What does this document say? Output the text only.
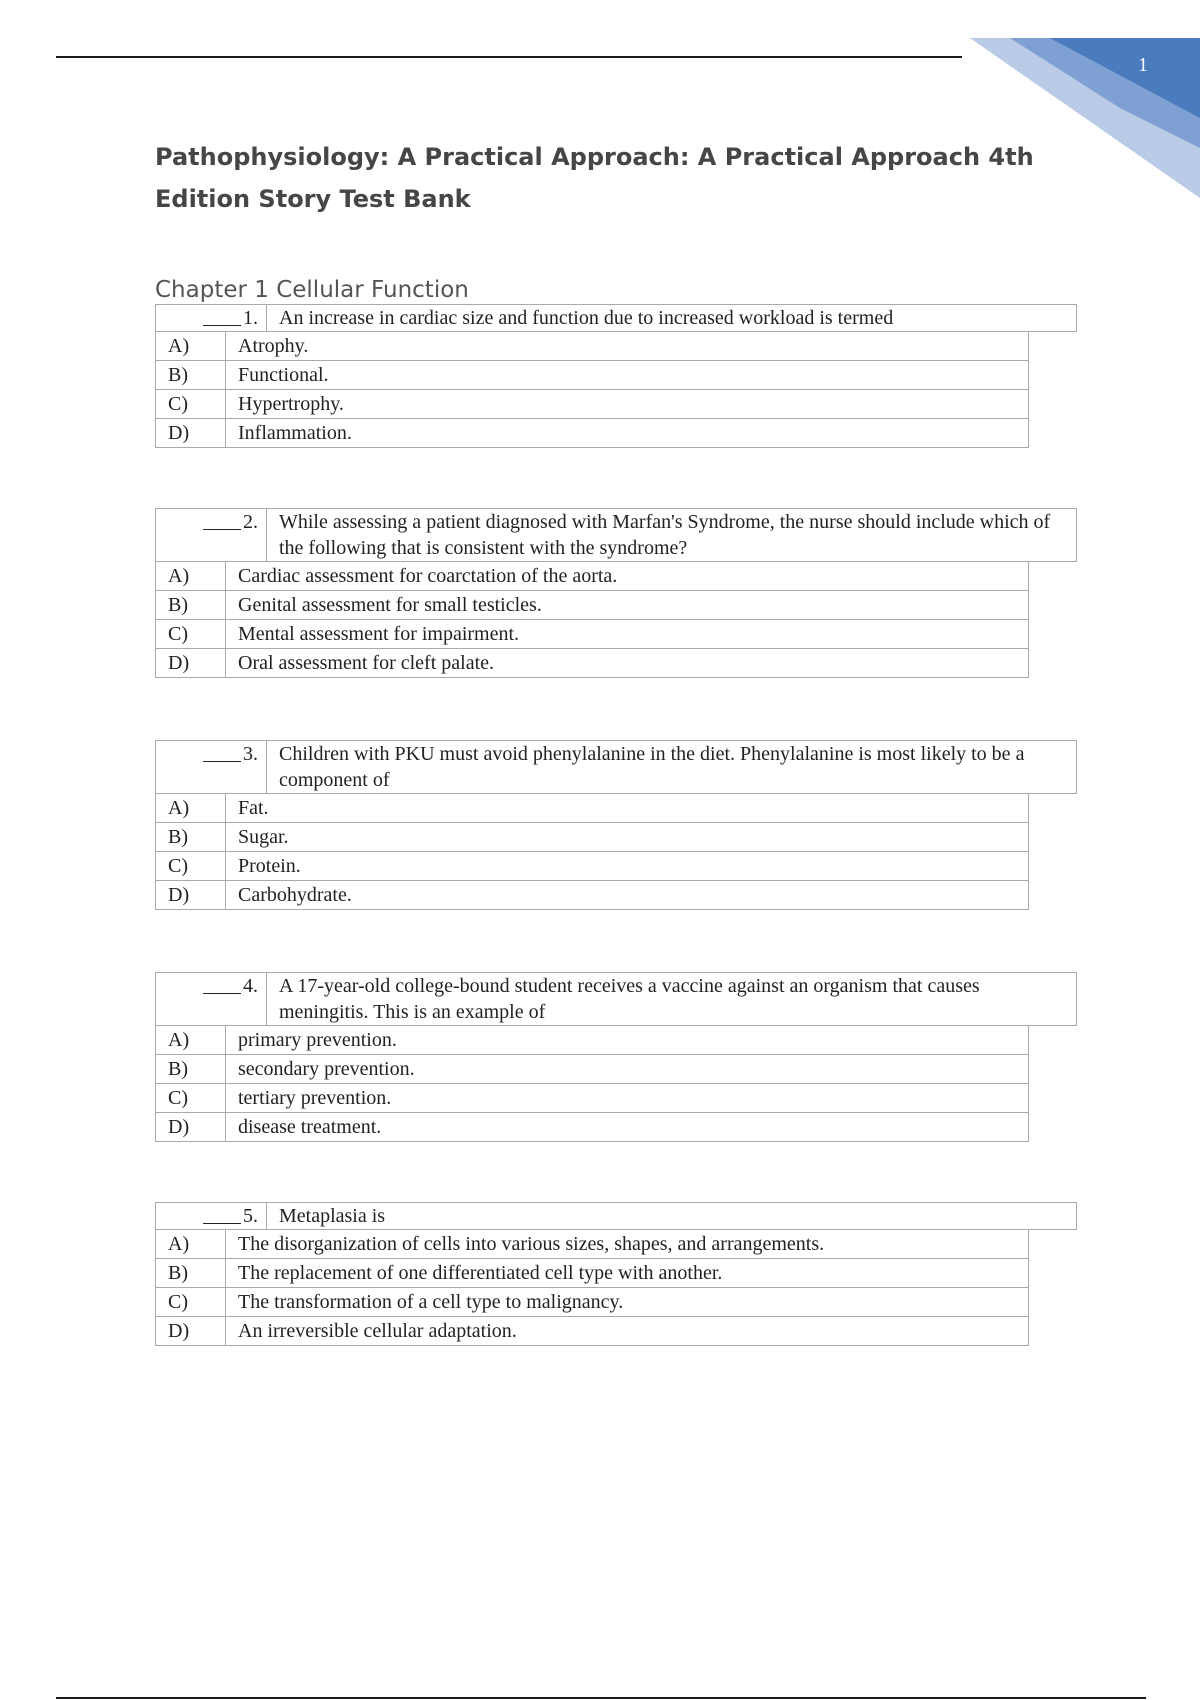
1
Pathophysiology: A Practical Approach: A Practical Approach 4th Edition Story Test Bank
Chapter 1 Cellular Function
1.	An increase in cardiac size and function due to increased workload is termed
A)	Atrophy.
B)	Functional.
C)	Hypertrophy.
D)	Inflammation.
2.	While assessing a patient diagnosed with Marfan's Syndrome, the nurse should include which of the following that is consistent with the syndrome?
A)	Cardiac assessment for coarctation of the aorta.
B)	Genital assessment for small testicles.
C)	Mental assessment for impairment.
D)	Oral assessment for cleft palate.
3.	Children with PKU must avoid phenylalanine in the diet. Phenylalanine is most likely to be a component of
A)	Fat.
B)	Sugar.
C)	Protein.
D)	Carbohydrate.
4.	A 17-year-old college-bound student receives a vaccine against an organism that causes meningitis. This is an example of
A)	primary prevention.
B)	secondary prevention.
C)	tertiary prevention.
D)	disease treatment.
5.	Metaplasia is
A)	The disorganization of cells into various sizes, shapes, and arrangements.
B)	The replacement of one differentiated cell type with another.
C)	The transformation of a cell type to malignancy.
D)	An irreversible cellular adaptation.
